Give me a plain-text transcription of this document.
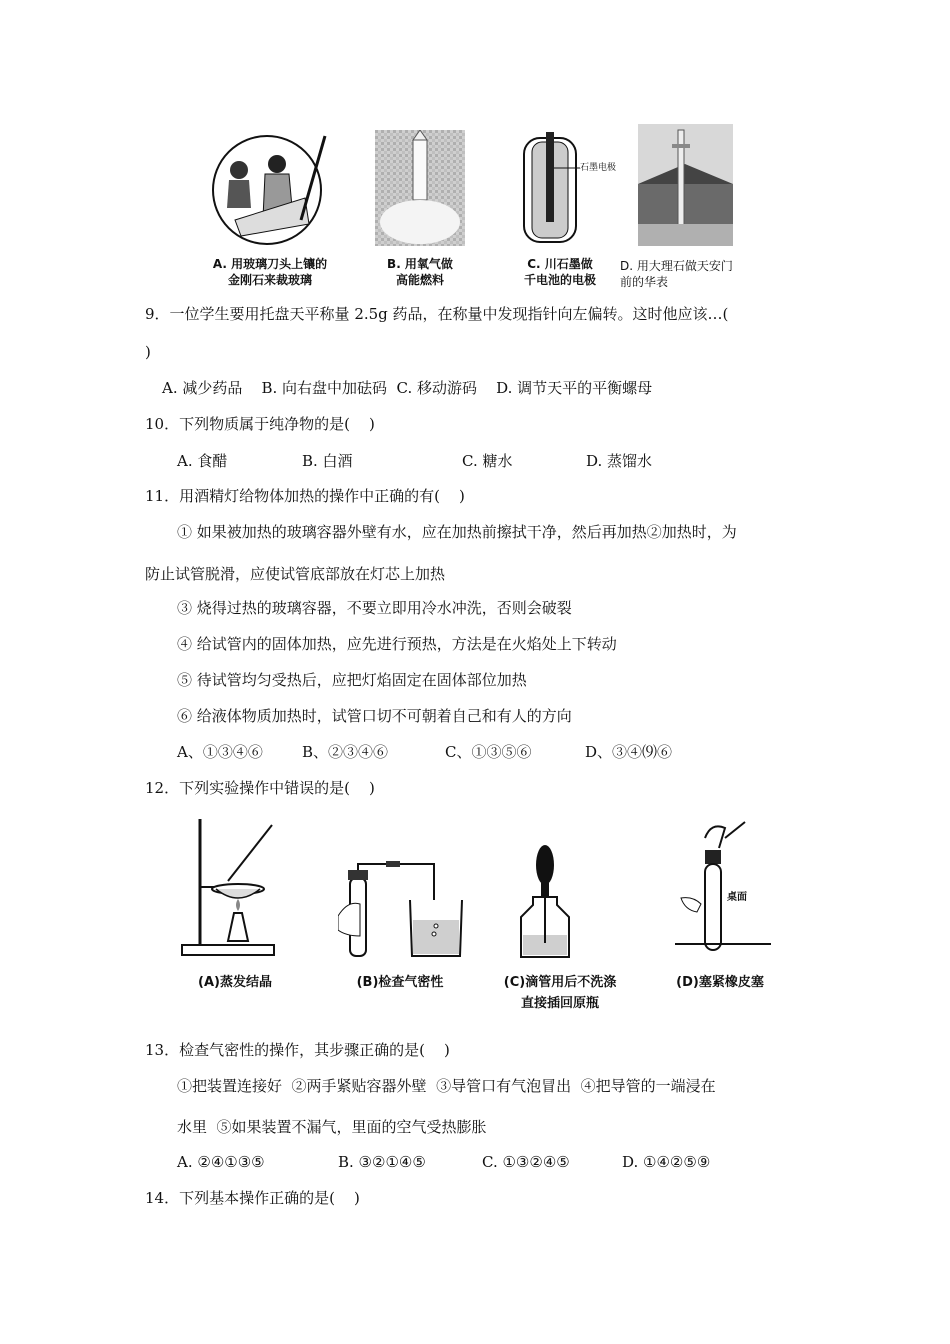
A. 用玻璃刀头上镶的
金刚石来裁玻璃
B. 用氧气做
高能燃料
石墨电极
C. 川石墨做
千电池的电极
D. 用大理石做天安门
前的华表
9．一位学生要用托盘天平称量 2.5g 药品，在称量中发现指针向左偏转。这时他应该…(
)
A. 减少药品    B. 向右盘中加砝码  C. 移动游码    D. 调节天平的平衡螺母
10．下列物质属于纯净物的是(    )
A. 食醋	B. 白酒	C. 糖水	D. 蒸馏水
11．用酒精灯给物体加热的操作中正确的有(    )
① 如果被加热的玻璃容器外壁有水，应在加热前擦拭干净，然后再加热②加热时，为
防止试管脱滑，应使试管底部放在灯芯上加热
③ 烧得过热的玻璃容器，不要立即用冷水冲洗，否则会破裂
④ 给试管内的固体加热，应先进行预热，方法是在火焰处上下转动
⑤ 待试管均匀受热后，应把灯焰固定在固体部位加热
⑥ 给液体物质加热时，试管口切不可朝着自己和有人的方向
A、①③④⑥	B、②③④⑥	C、①③⑤⑥	D、③④⑼⑥
12．下列实验操作中错误的是(    )
(A)蒸发结晶	(B)检查气密性	(C)滴管用后不洗涤
直接插回原瓶
桌面
(D)塞紧橡皮塞
13．检查气密性的操作，其步骤正确的是(    )
①把装置连接好  ②两手紧贴容器外壁  ③导管口有气泡冒出  ④把导管的一端浸在
水里  ⑤如果装置不漏气，里面的空气受热膨胀
A. ②④①③⑤	B. ③②①④⑤	C. ①③②④⑤	D. ①④②⑤⑨
14．下列基本操作正确的是(    )
